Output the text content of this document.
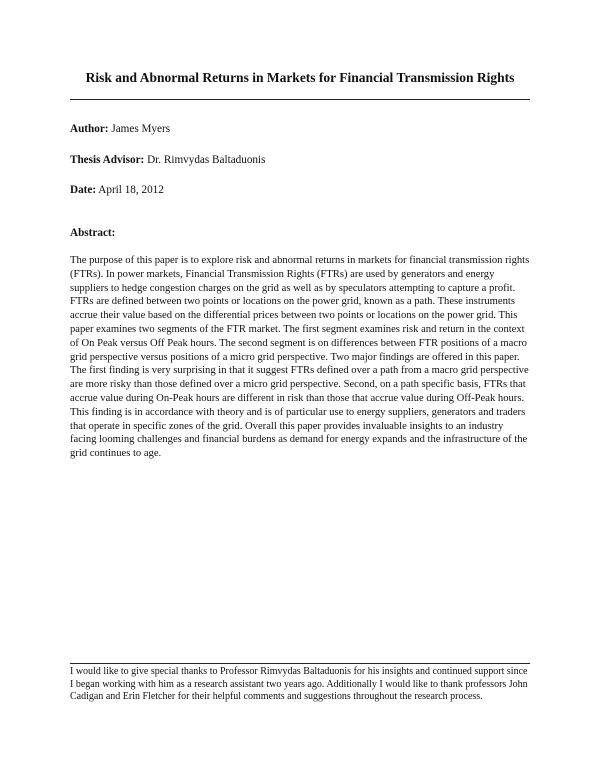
Risk and Abnormal Returns in Markets for Financial Transmission Rights
Author: James Myers
Thesis Advisor: Dr. Rimvydas Baltaduonis
Date: April 18, 2012
Abstract:

The purpose of this paper is to explore risk and abnormal returns in markets for financial transmission rights (FTRs). In power markets, Financial Transmission Rights (FTRs) are used by generators and energy suppliers to hedge congestion charges on the grid as well as by speculators attempting to capture a profit. FTRs are defined between two points or locations on the power grid, known as a path. These instruments accrue their value based on the differential prices between two points or locations on the power grid. This paper examines two segments of the FTR market. The first segment examines risk and return in the context of On Peak versus Off Peak hours. The second segment is on differences between FTR positions of a macro grid perspective versus positions of a micro grid perspective. Two major findings are offered in this paper. The first finding is very surprising in that it suggest FTRs defined over a path from a macro grid perspective are more risky than those defined over a micro grid perspective. Second, on a path specific basis, FTRs that accrue value during On-Peak hours are different in risk than those that accrue value during Off-Peak hours. This finding is in accordance with theory and is of particular use to energy suppliers, generators and traders that operate in specific zones of the grid. Overall this paper provides invaluable insights to an industry facing looming challenges and financial burdens as demand for energy expands and the infrastructure of the grid continues to age.

I would like to give special thanks to Professor Rimvydas Baltaduonis for his insights and continued support since I began working with him as a research assistant two years ago. Additionally I would like to thank professors John Cadigan and Erin Fletcher for their helpful comments and suggestions throughout the research process.
